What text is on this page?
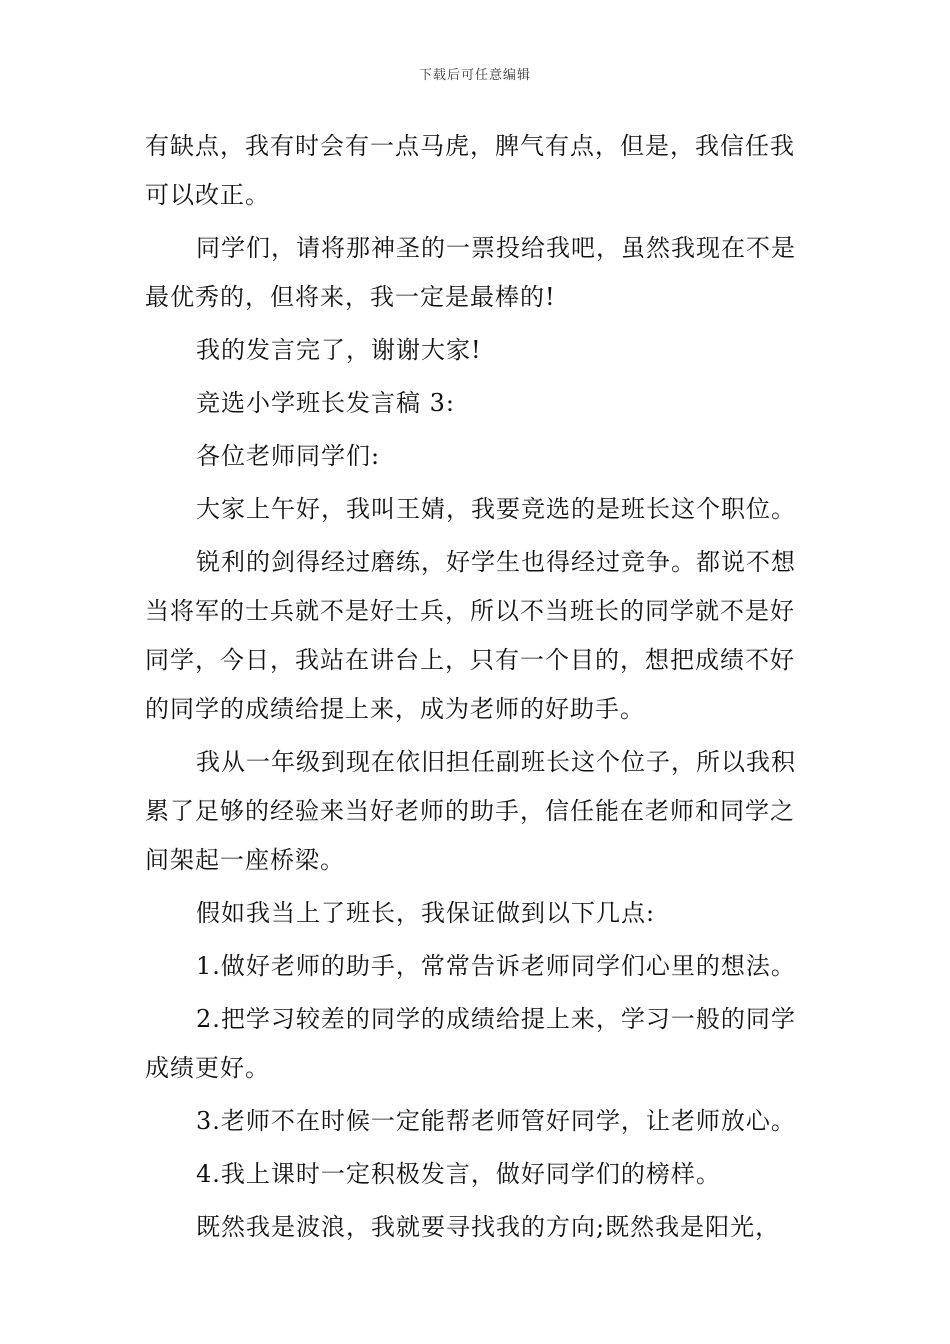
下载后可任意编辑

有缺点，我有时会有一点马虎，脾气有点，但是，我信任我可以改正。

同学们，请将那神圣的一票投给我吧，虽然我现在不是最优秀的，但将来，我一定是最棒的!

我的发言完了，谢谢大家!

竞选小学班长发言稿 3:

各位老师同学们:

大家上午好，我叫王婧，我要竞选的是班长这个职位。

锐利的剑得经过磨练，好学生也得经过竞争。都说不想当将军的士兵就不是好士兵，所以不当班长的同学就不是好同学，今日，我站在讲台上，只有一个目的，想把成绩不好的同学的成绩给提上来，成为老师的好助手。

我从一年级到现在依旧担任副班长这个位子，所以我积累了足够的经验来当好老师的助手，信任能在老师和同学之间架起一座桥梁。

假如我当上了班长，我保证做到以下几点:

1.做好老师的助手，常常告诉老师同学们心里的想法。

2.把学习较差的同学的成绩给提上来，学习一般的同学成绩更好。

3.老师不在时候一定能帮老师管好同学，让老师放心。

4.我上课时一定积极发言，做好同学们的榜样。

既然我是波浪，我就要寻找我的方向;既然我是阳光，
